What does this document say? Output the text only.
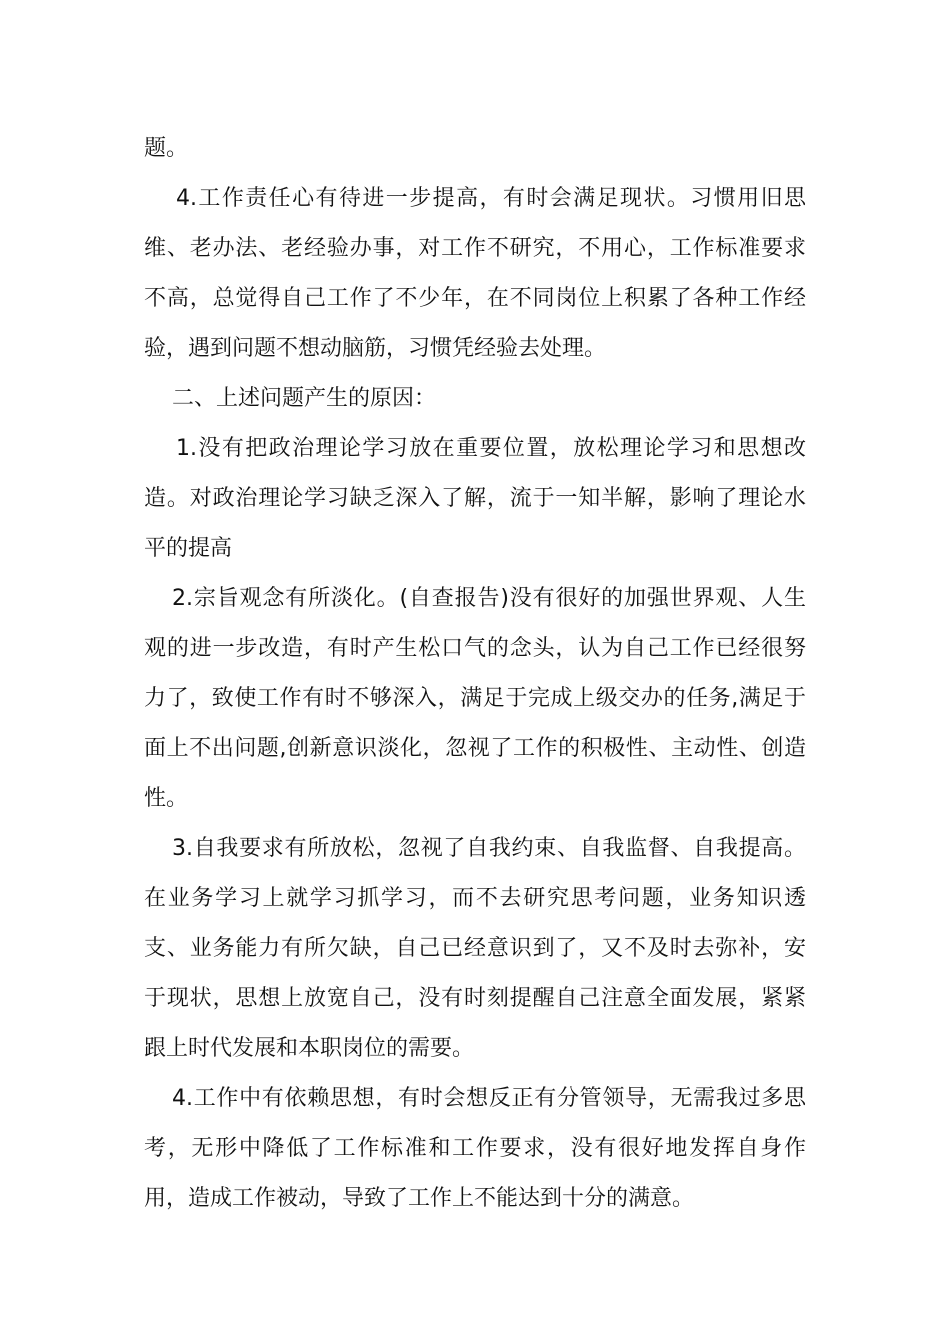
题。
4.工作责任心有待进一步提高，有时会满足现状。习惯用旧思
维、老办法、老经验办事，对工作不研究，不用心，工作标准要求
不高，总觉得自己工作了不少年，在不同岗位上积累了各种工作经
验，遇到问题不想动脑筋，习惯凭经验去处理。
二、上述问题产生的原因：
1.没有把政治理论学习放在重要位置，放松理论学习和思想改
造。对政治理论学习缺乏深入了解，流于一知半解，影响了理论水
平的提高
2.宗旨观念有所淡化。(自查报告)没有很好的加强世界观、人生
观的进一步改造，有时产生松口气的念头，认为自己工作已经很努
力了，致使工作有时不够深入，满足于完成上级交办的任务,满足于
面上不出问题,创新意识淡化，忽视了工作的积极性、主动性、创造
性。
3.自我要求有所放松，忽视了自我约束、自我监督、自我提高。
在业务学习上就学习抓学习，而不去研究思考问题，业务知识透
支、业务能力有所欠缺，自己已经意识到了，又不及时去弥补，安
于现状，思想上放宽自己，没有时刻提醒自己注意全面发展，紧紧
跟上时代发展和本职岗位的需要。
4.工作中有依赖思想，有时会想反正有分管领导，无需我过多思
考，无形中降低了工作标准和工作要求，没有很好地发挥自身作
用，造成工作被动，导致了工作上不能达到十分的满意。
